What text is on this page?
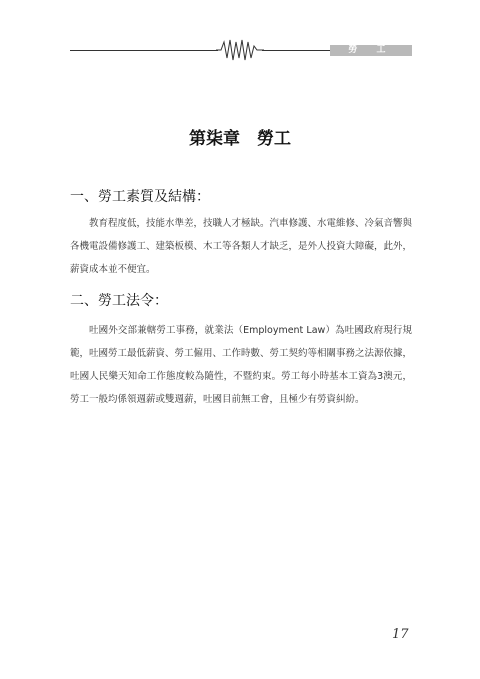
勞 工
第柒章　勞工
一、勞工素質及結構：

教育程度低，技能水準差，技職人才極缺。汽車修護、水電維修、冷氣音響與各機電設備修護工、建築板模、木工等各類人才缺乏，是外人投資大障礙，此外，薪資成本並不便宜。

二、勞工法令：

吐國外交部兼轄勞工事務，就業法（Employment Law）為吐國政府現行規範，吐國勞工最低薪資、勞工僱用、工作時數、勞工契約等相關事務之法源依據，吐國人民樂天知命工作態度較為隨性，不暨約束。勞工每小時基本工資為3澳元，勞工一般均係領週薪或雙週薪，吐國目前無工會，且極少有勞資糾紛。

17
